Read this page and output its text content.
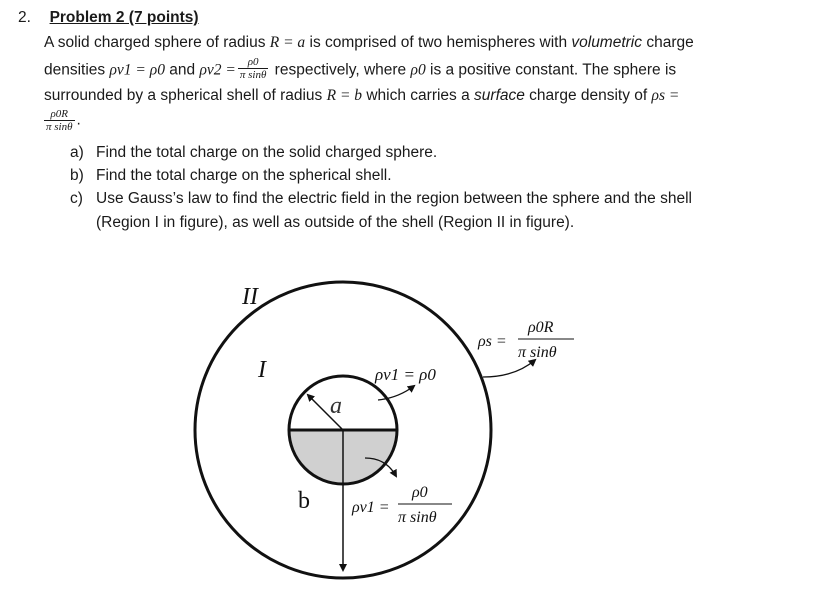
2. Problem 2 (7 points)
A solid charged sphere of radius R = a is comprised of two hemispheres with volumetric charge
densities ρv1 = ρ0 and $\rho v2 = \frac{\rho 0}{\text{π sinθ}}$ respectively, where ρ0 is a positive constant. The sphere is
surrounded by a spherical shell of radius R = b which carries a surface charge density of ρs =
$\frac{\rho 0R}{\text{π sinθ}}$ .
a) Find the total charge on the solid charged sphere.
b) Find the total charge on the spherical shell.
c) Use Gauss’s law to find the electric field in the region between the sphere and the shell
(Region I in figure), as well as outside of the shell (Region II in figure).
II
I
a
b
ρv1 = ρ0
ρv1 =
ρ0
π sinθ
ρs =
ρ0R
π sinθ
